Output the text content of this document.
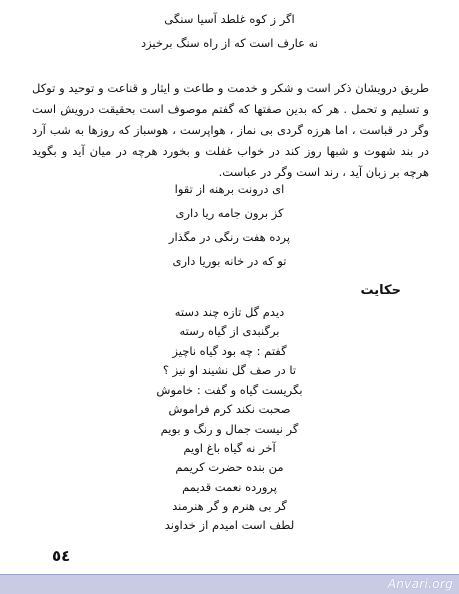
اگر ز کوه غلطد آسیا سنگی
نه عارف است که از راه سنگ برخیزد
طریق درویشان ذکر است و شکر و خدمت و طاعت و ایثار و قناعت و توحید و توکل و تسلیم و تحمل . هر که بدین صفتها که گفتم موصوف است بحقیقت درویش است وگر در قباست ، اما هرزه گردی بی نماز ، هواپرست ، هوسباز که روزها به شب آرد در بند شهوت و شبها روز کند در خواب غفلت و بخورد هرچه در میان آید و بگوید هرچه بر زبان آید ، رند است وگر در عباست.
ای درونت برهنه از تقوا
کز برون جامه ریا داری
پرده هفت رنگی در مگذار
تو که در خانه بوریا داری
حکایت
دیدم گل تازه چند دسته
برگنبدی از گیاه رسته
گفتم : چه بود گیاه ناچیز
تا در صف گل نشیند او نیز ؟
بگریست گیاه و گفت : خاموش
صحبت نکند کرم فراموش
گر نیست جمال و رنگ و بویم
آخر نه گیاه باغ اویم
من بنده حضرت کریمم
پرورده نعمت قدیمم
گر بی هنرم و گر هنرمند
لطف است امیدم از خداوند
٥٤
Anvari.org
